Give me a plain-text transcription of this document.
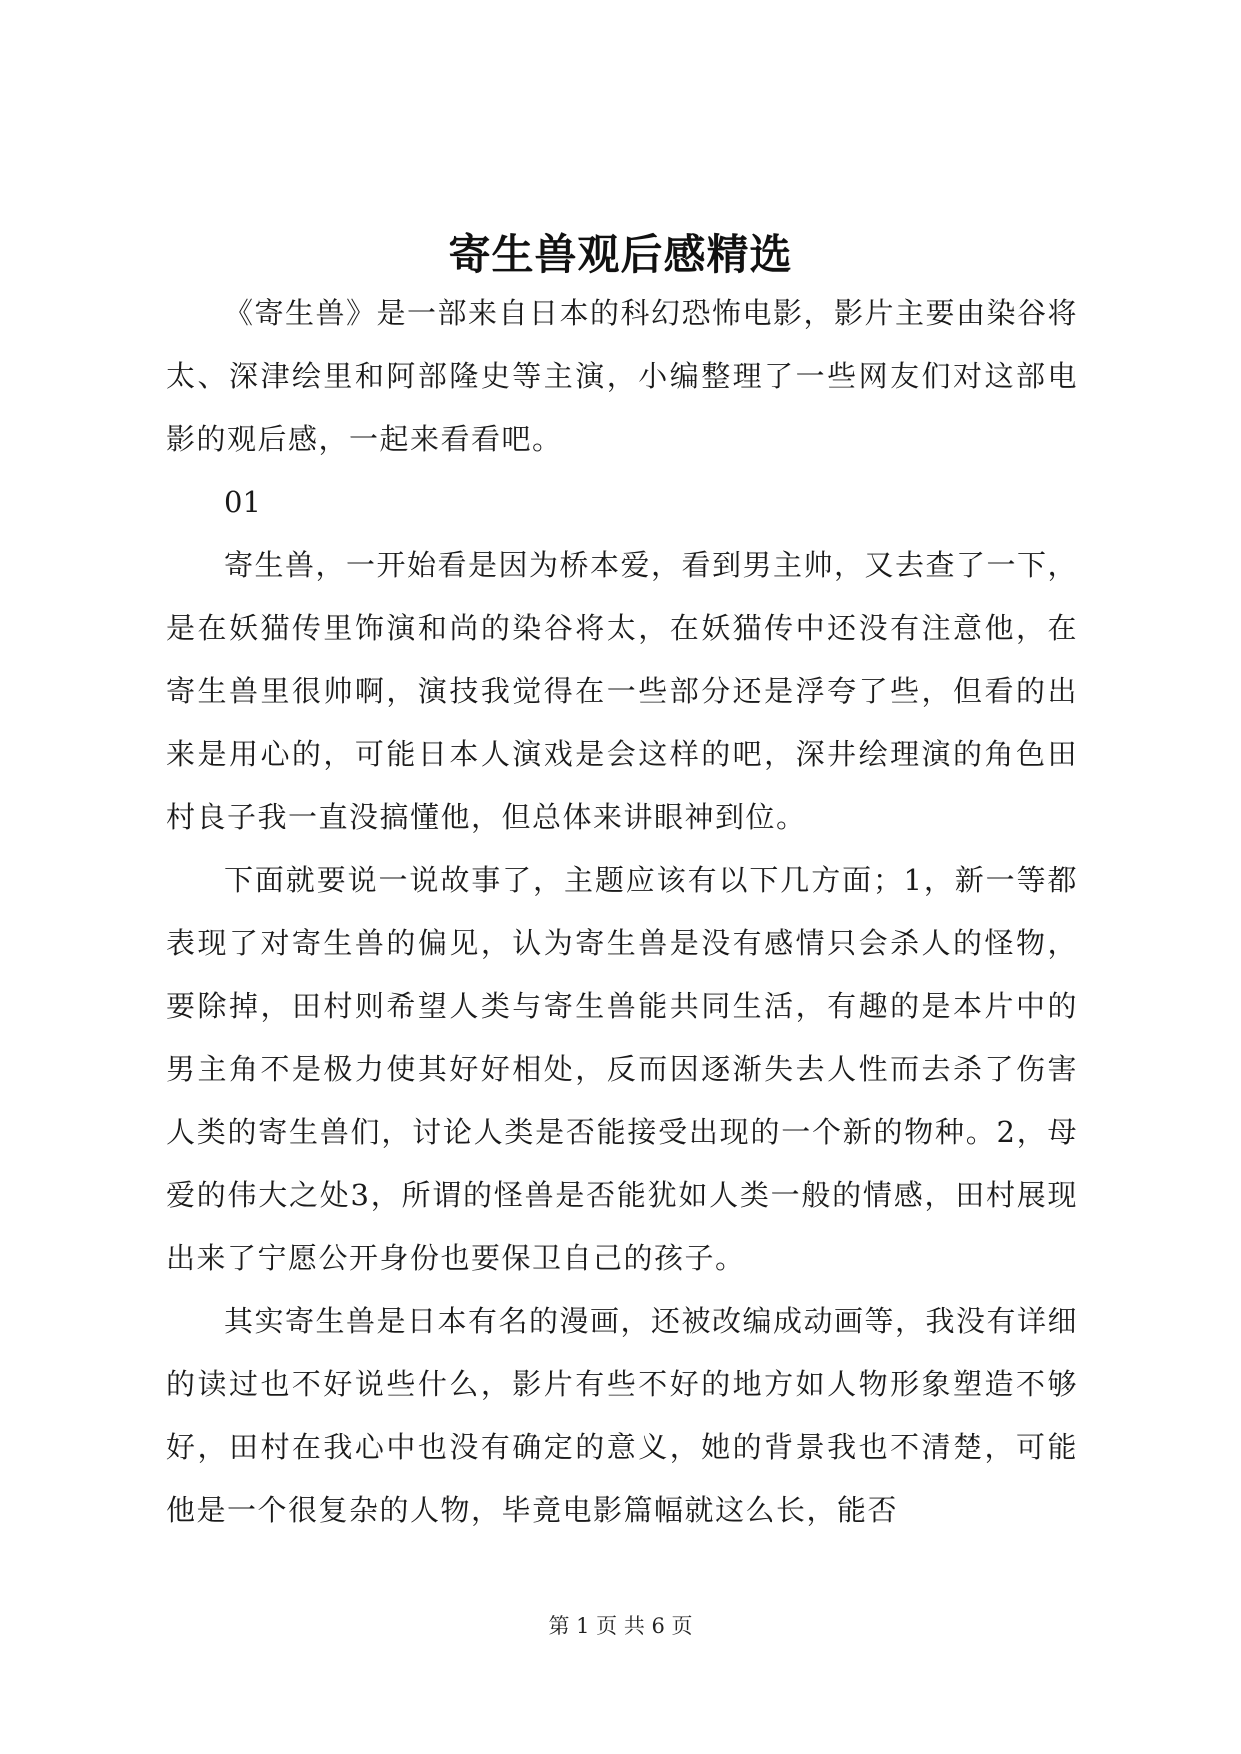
寄生兽观后感精选

《寄生兽》是一部来自日本的科幻恐怖电影，影片主要由染谷将太、深津绘里和阿部隆史等主演，小编整理了一些网友们对这部电影的观后感，一起来看看吧。

01

寄生兽，一开始看是因为桥本爱，看到男主帅，又去查了一下，是在妖猫传里饰演和尚的染谷将太，在妖猫传中还没有注意他，在寄生兽里很帅啊，演技我觉得在一些部分还是浮夸了些，但看的出来是用心的，可能日本人演戏是会这样的吧，深井绘理演的角色田村良子我一直没搞懂他，但总体来讲眼神到位。

下面就要说一说故事了，主题应该有以下几方面；1，新一等都表现了对寄生兽的偏见，认为寄生兽是没有感情只会杀人的怪物，要除掉，田村则希望人类与寄生兽能共同生活，有趣的是本片中的男主角不是极力使其好好相处，反而因逐渐失去人性而去杀了伤害人类的寄生兽们，讨论人类是否能接受出现的一个新的物种。2，母爱的伟大之处3，所谓的怪兽是否能犹如人类一般的情感，田村展现出来了宁愿公开身份也要保卫自己的孩子。

其实寄生兽是日本有名的漫画，还被改编成动画等，我没有详细的读过也不好说些什么，影片有些不好的地方如人物形象塑造不够好，田村在我心中也没有确定的意义，她的背景我也不清楚，可能他是一个很复杂的人物，毕竟电影篇幅就这么长，能否

第 1 页 共 6 页
